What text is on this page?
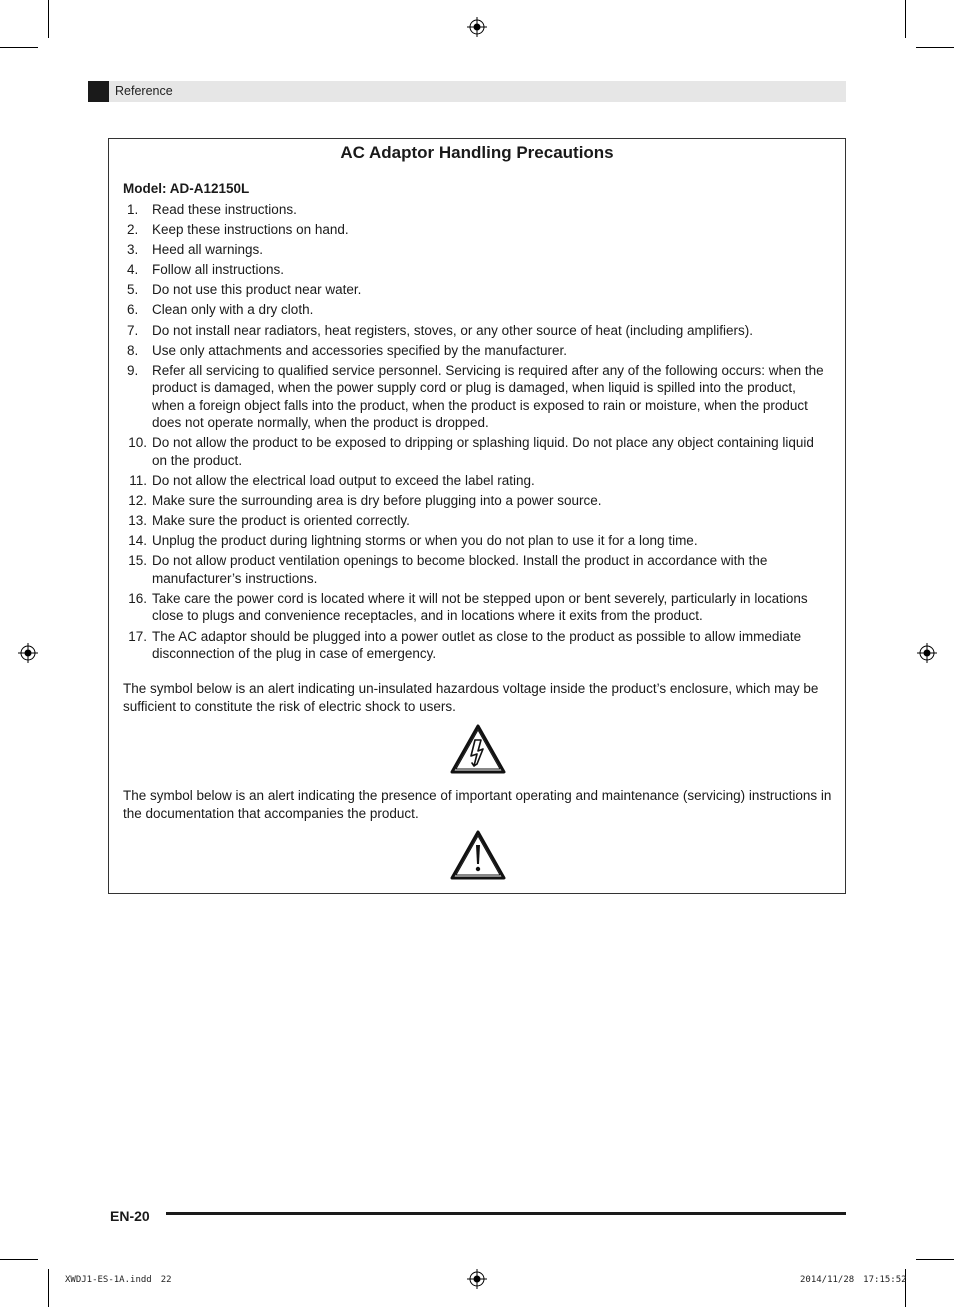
Reference
AC Adaptor Handling Precautions
Model: AD-A12150L
1.	Read these instructions.
2.	Keep these instructions on hand.
3.	Heed all warnings.
4.	Follow all instructions.
5.	Do not use this product near water.
6.	Clean only with a dry cloth.
7.	Do not install near radiators, heat registers, stoves, or any other source of heat (including amplifiers).
8.	Use only attachments and accessories specified by the manufacturer.
9.	Refer all servicing to qualified service personnel. Servicing is required after any of the following occurs: when the product is damaged, when the power supply cord or plug is damaged, when liquid is spilled into the product, when a foreign object falls into the product, when the product is exposed to rain or moisture, when the product does not operate normally, when the product is dropped.
10. Do not allow the product to be exposed to dripping or splashing liquid. Do not place any object containing liquid on the product.
11. Do not allow the electrical load output to exceed the label rating.
12. Make sure the surrounding area is dry before plugging into a power source.
13. Make sure the product is oriented correctly.
14. Unplug the product during lightning storms or when you do not plan to use it for a long time.
15. Do not allow product ventilation openings to become blocked. Install the product in accordance with the manufacturer’s instructions.
16. Take care the power cord is located where it will not be stepped upon or bent severely, particularly in locations close to plugs and convenience receptacles, and in locations where it exits from the product.
17. The AC adaptor should be plugged into a power outlet as close to the product as possible to allow immediate disconnection of the plug in case of emergency.
The symbol below is an alert indicating un-insulated hazardous voltage inside the product’s enclosure, which may be sufficient to constitute the risk of electric shock to users.
The symbol below is an alert indicating the presence of important operating and maintenance (servicing) instructions in the documentation that accompanies the product.
EN-20
XWDJ1-ES-1A.indd　22	2014/11/28　17:15:52
